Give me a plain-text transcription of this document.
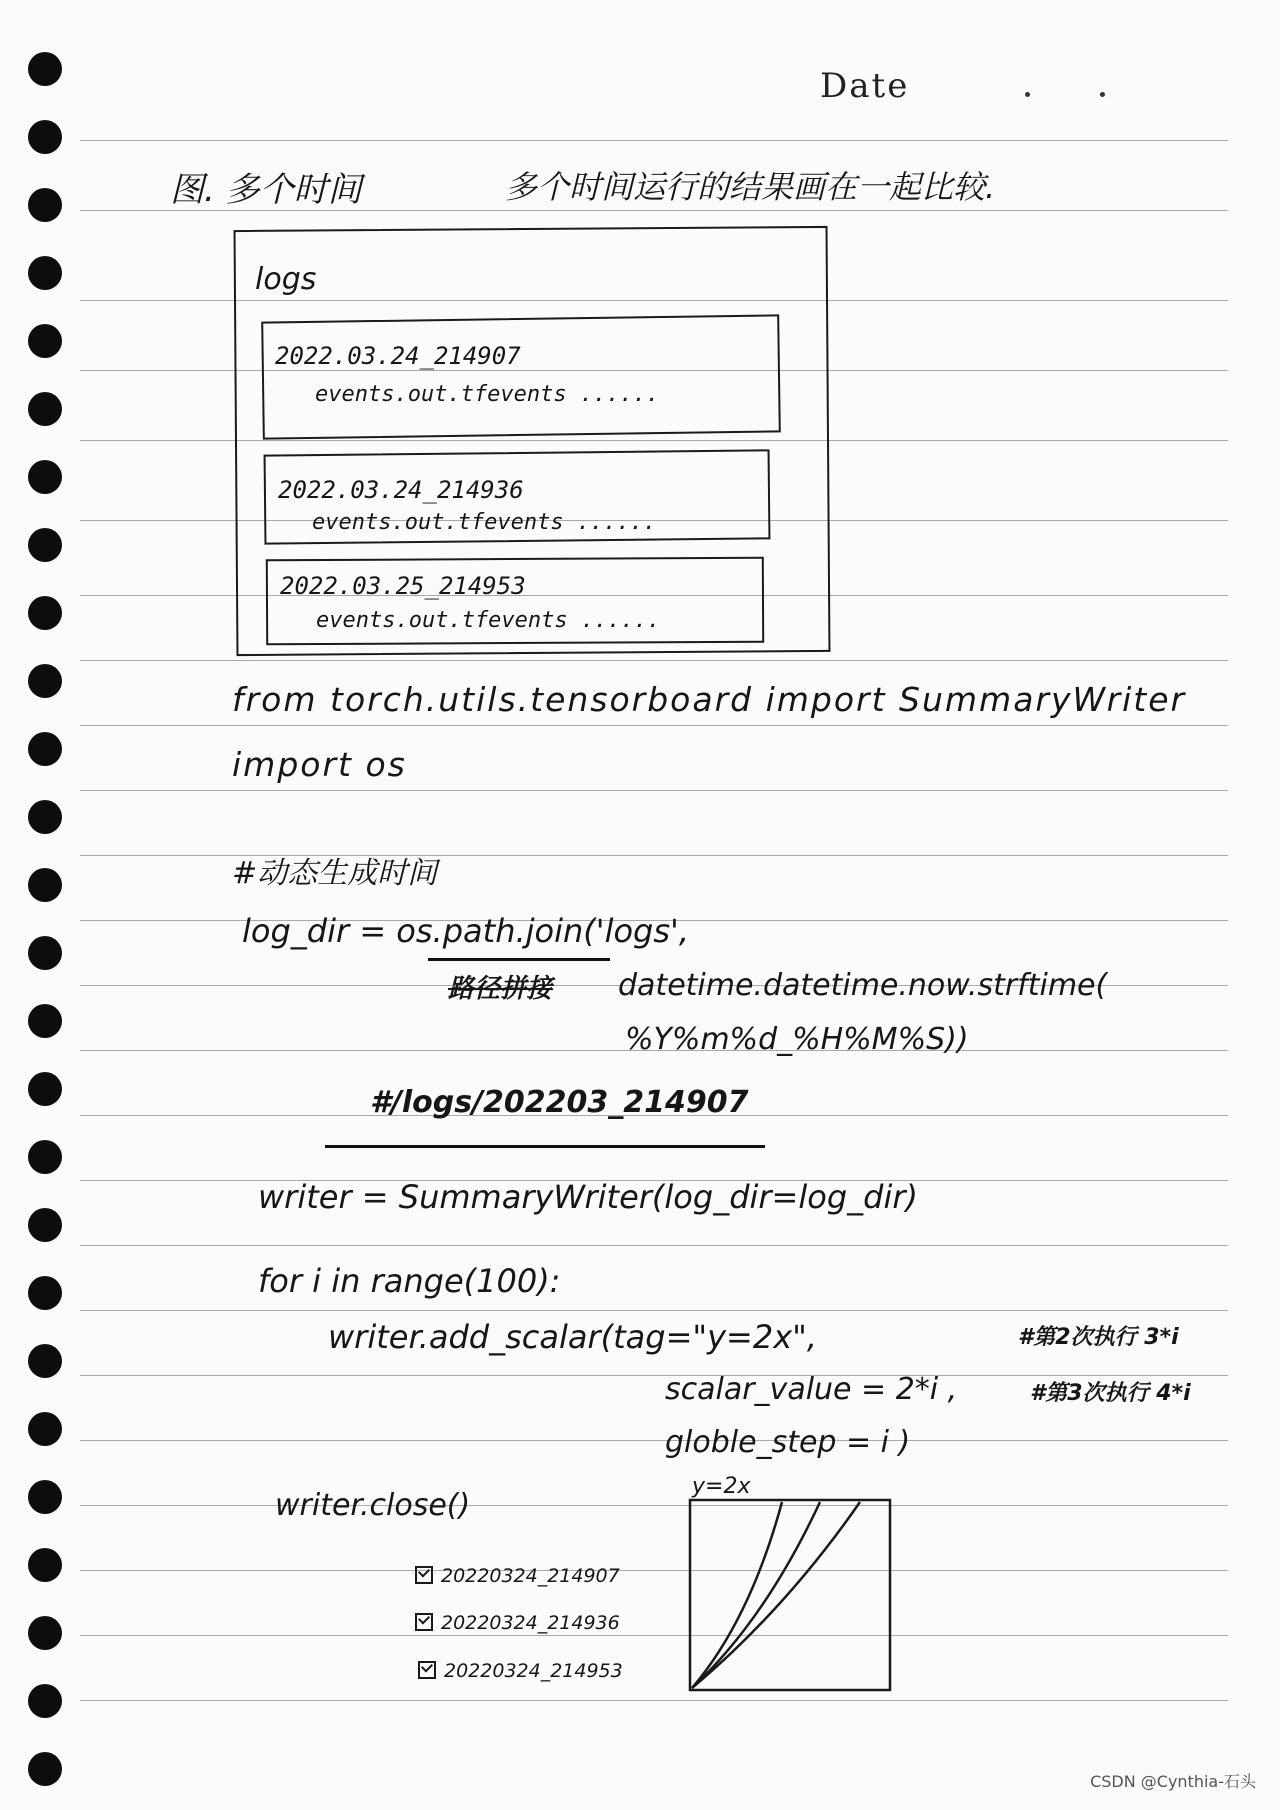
Date
图. 多个时间	多个时间运行的结果画在一起比较.
logs
2022.03.24_214907
events.out.tfevents ......
2022.03.24_214936
events.out.tfevents ......
2022.03.25_214953
events.out.tfevents ......
from torch.utils.tensorboard import SummaryWriter
import os
#动态生成时间
log_dir = os.path.join('logs',
路径拼接 datetime.datetime.now.strftime(
%Y%m%d_%H%M%S))
#/logs/202203_214907
writer = SummaryWriter(log_dir=log_dir)
for i in range(100):
writer.add_scalar(tag="y=2x",	#第2次执行 3*i
scalar_value = 2*i ,	#第3次执行 4*i
globle_step = i )
writer.close()
20220324_214907
20220324_214936
20220324_214953
y=2x
CSDN @Cynthia-石头
